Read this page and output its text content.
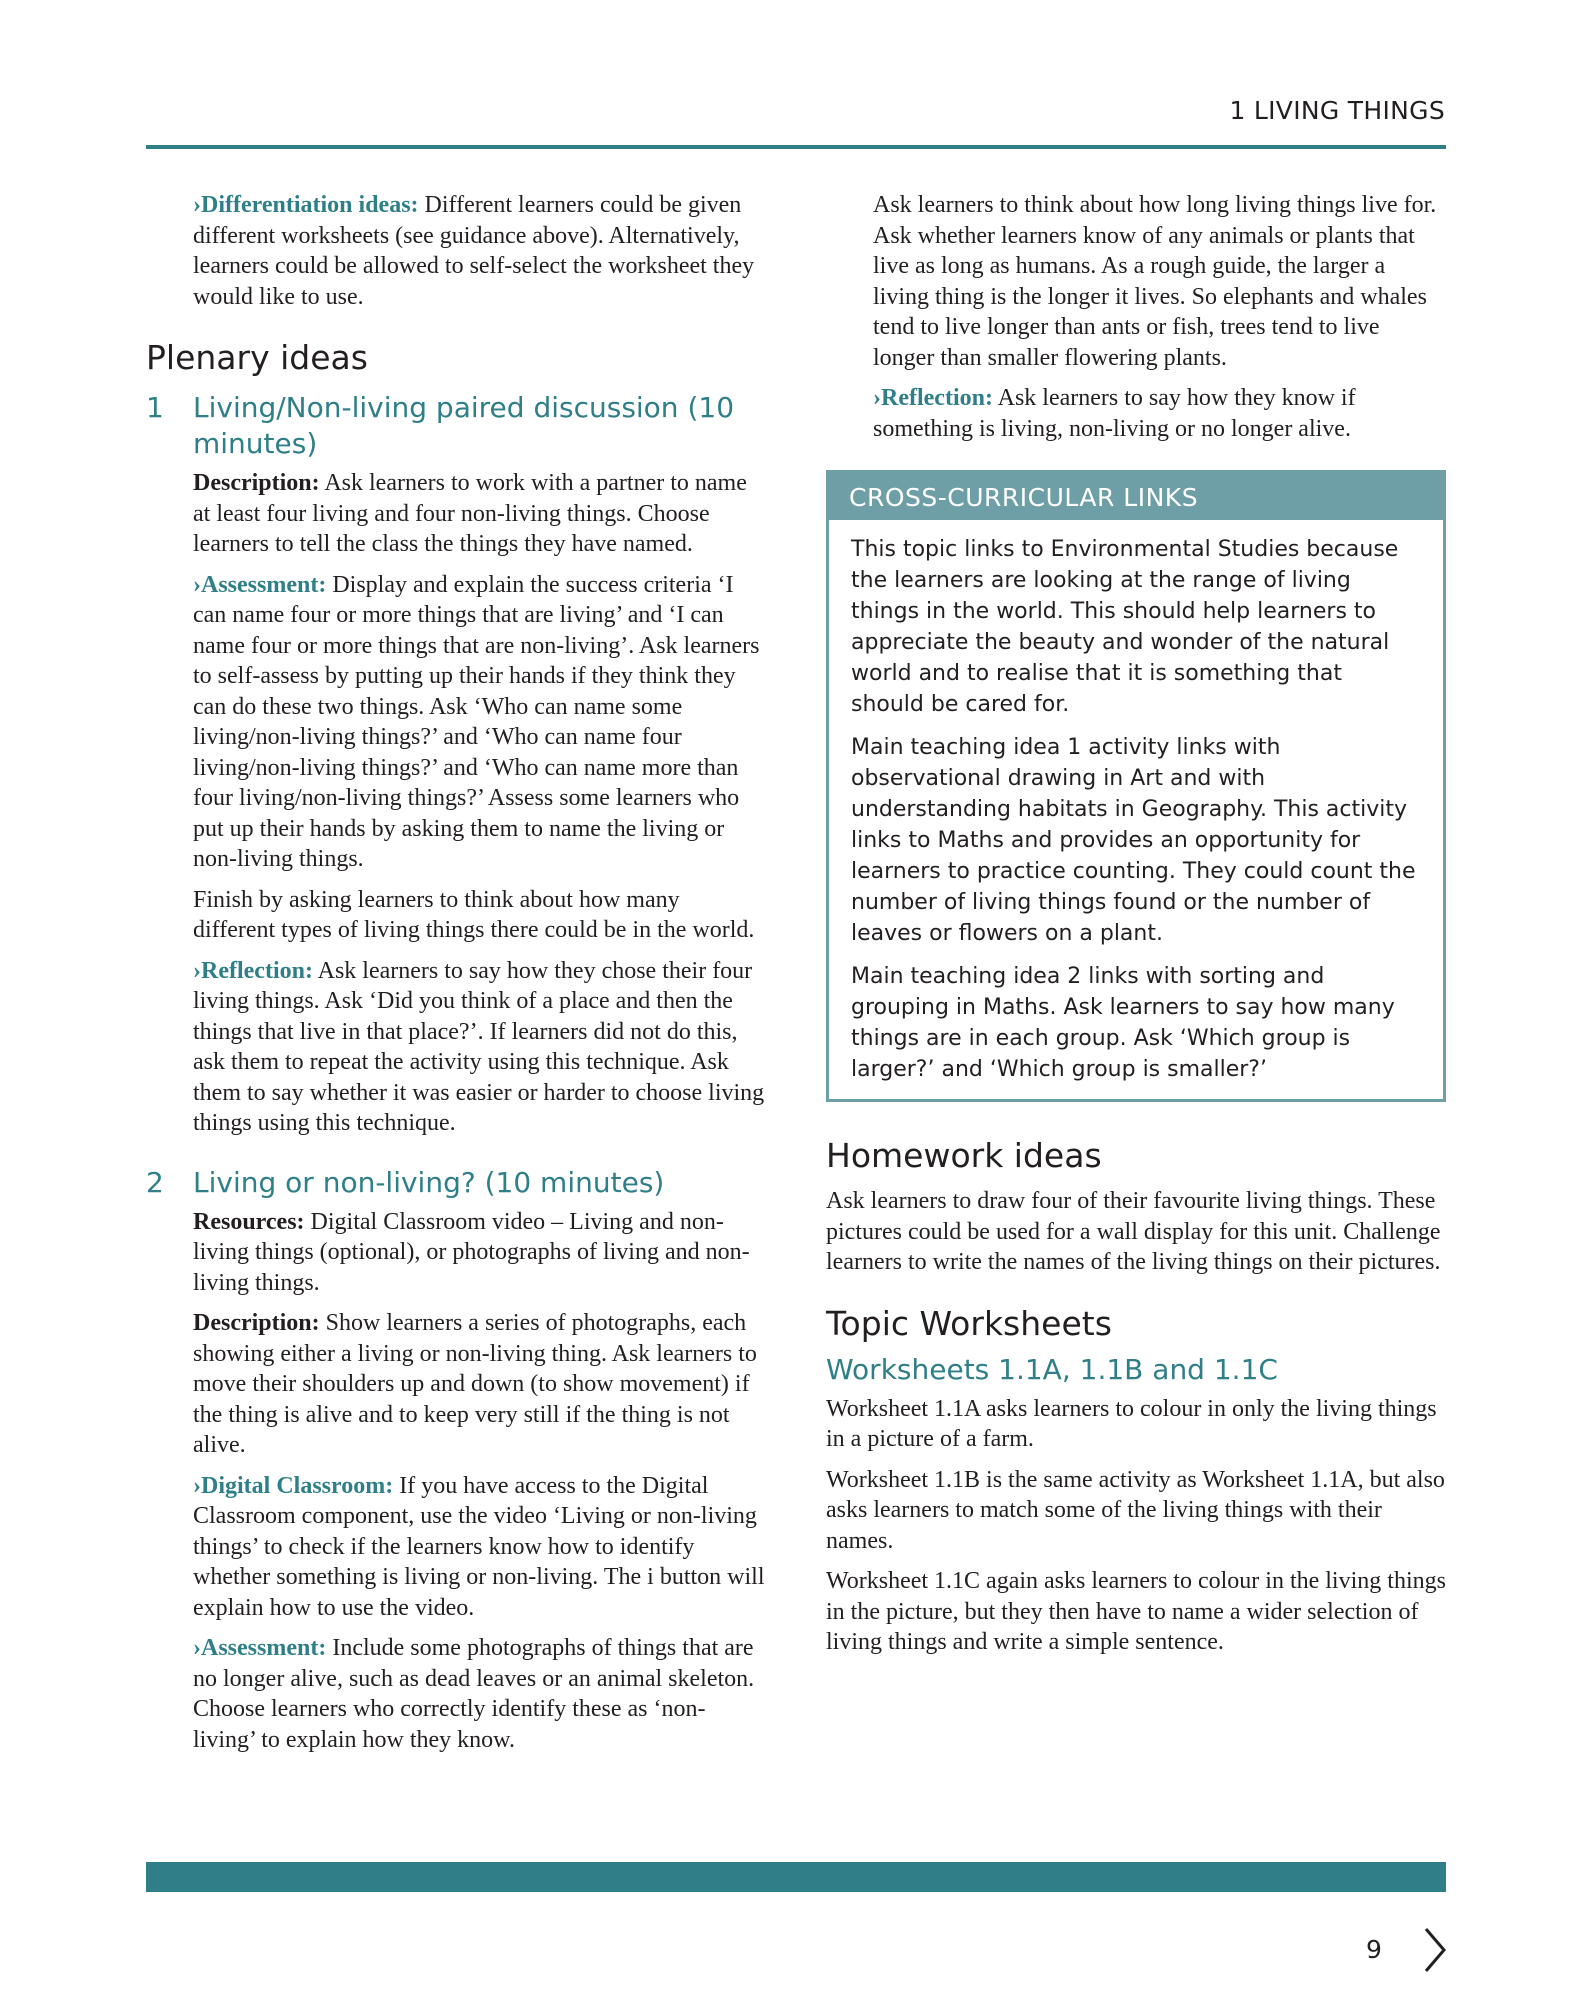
1 LIVING THINGS

›Differentiation ideas: Different learners could be given different worksheets (see guidance above). Alternatively, learners could be allowed to self-select the worksheet they would like to use.

Plenary ideas
1	Living/Non-living paired discussion (10 minutes)

Description: Ask learners to work with a partner to name at least four living and four non-living things. Choose learners to tell the class the things they have named.

›Assessment: Display and explain the success criteria ‘I can name four or more things that are living’ and ‘I can name four or more things that are non-living’. Ask learners to self-assess by putting up their hands if they think they can do these two things. Ask ‘Who can name some living/non-living things?’ and ‘Who can name four living/non-living things?’ and ‘Who can name more than four living/non-living things?’ Assess some learners who put up their hands by asking them to name the living or non-living things.

Finish by asking learners to think about how many different types of living things there could be in the world.

›Reflection: Ask learners to say how they chose their four living things. Ask ‘Did you think of a place and then the things that live in that place?’. If learners did not do this, ask them to repeat the activity using this technique. Ask them to say whether it was easier or harder to choose living things using this technique.

2	Living or non-living? (10 minutes)

Resources: Digital Classroom video – Living and non-living things (optional), or photographs of living and non-living things.

Description: Show learners a series of photographs, each showing either a living or non-living thing. Ask learners to move their shoulders up and down (to show movement) if the thing is alive and to keep very still if the thing is not alive.

›Digital Classroom: If you have access to the Digital Classroom component, use the video ‘Living or non-living things’ to check if the learners know how to identify whether something is living or non-living. The i button will explain how to use the video.

›Assessment: Include some photographs of things that are no longer alive, such as dead leaves or an animal skeleton. Choose learners who correctly identify these as ‘non-living’ to explain how they know.

Ask learners to think about how long living things live for. Ask whether learners know of any animals or plants that live as long as humans. As a rough guide, the larger a living thing is the longer it lives. So elephants and whales tend to live longer than ants or fish, trees tend to live longer than smaller flowering plants.

›Reflection: Ask learners to say how they know if something is living, non-living or no longer alive.

CROSS-CURRICULAR LINKS

This topic links to Environmental Studies because the learners are looking at the range of living things in the world. This should help learners to appreciate the beauty and wonder of the natural world and to realise that it is something that should be cared for.

Main teaching idea 1 activity links with observational drawing in Art and with understanding habitats in Geography. This activity links to Maths and provides an opportunity for learners to practice counting. They could count the number of living things found or the number of leaves or flowers on a plant.

Main teaching idea 2 links with sorting and grouping in Maths. Ask learners to say how many things are in each group. Ask ‘Which group is larger?’ and ‘Which group is smaller?’

Homework ideas

Ask learners to draw four of their favourite living things. These pictures could be used for a wall display for this unit. Challenge learners to write the names of the living things on their pictures.

Topic Worksheets
Worksheets 1.1A, 1.1B and 1.1C

Worksheet 1.1A asks learners to colour in only the living things in a picture of a farm.

Worksheet 1.1B is the same activity as Worksheet 1.1A, but also asks learners to match some of the living things with their names.

Worksheet 1.1C again asks learners to colour in the living things in the picture, but they then have to name a wider selection of living things and write a simple sentence.

9
